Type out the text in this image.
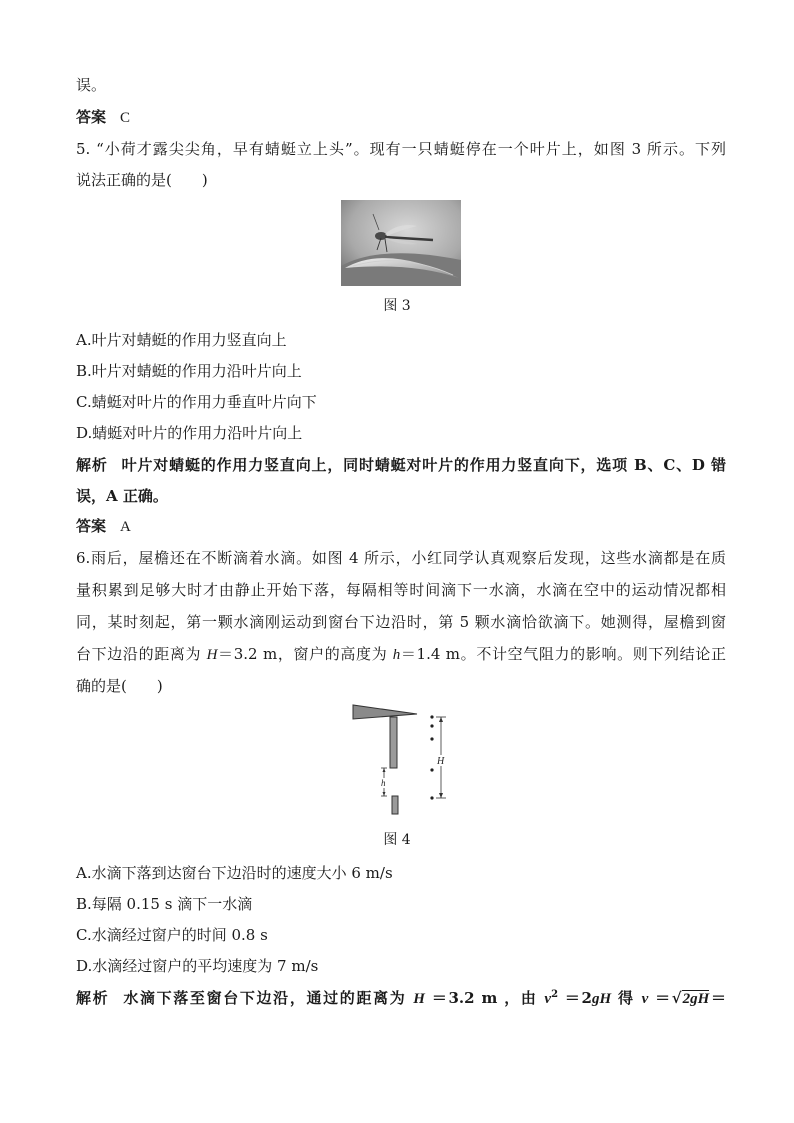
误。
答案 C
5. “小荷才露尖尖角，早有蜻蜓立上头”。现有一只蜻蜓停在一个叶片上，如图 3 所示。下列
说法正确的是(　　)
图 3
A.叶片对蜻蜓的作用力竖直向上
B.叶片对蜻蜓的作用力沿叶片向上
C.蜻蜓对叶片的作用力垂直叶片向下
D.蜻蜓对叶片的作用力沿叶片向上
解析 叶片对蜻蜓的作用力竖直向上，同时蜻蜓对叶片的作用力竖直向下，选项 B、C、D 错
误，A 正确。
答案 A
6.雨后，屋檐还在不断滴着水滴。如图 4 所示，小红同学认真观察后发现，这些水滴都是在质
量积累到足够大时才由静止开始下落，每隔相等时间滴下一水滴，水滴在空中的运动情况都相
同，某时刻起，第一颗水滴刚运动到窗台下边沿时，第 5 颗水滴恰欲滴下。她测得，屋檐到窗
台下边沿的距离为 H＝3.2 m，窗户的高度为 h＝1.4 m。不计空气阻力的影响。则下列结论正
确的是(　　)
h
H
图 4
A.水滴下落到达窗台下边沿时的速度大小 6 m/s
B.每隔 0.15 s 滴下一水滴
C.水滴经过窗户的时间 0.8 s
D.水滴经过窗户的平均速度为 7 m/s
解析 水滴下落至窗台下边沿，通过的距离为 H ＝3.2 m ，由 $v^2 =2gH$ 得 v ＝√2gH＝
